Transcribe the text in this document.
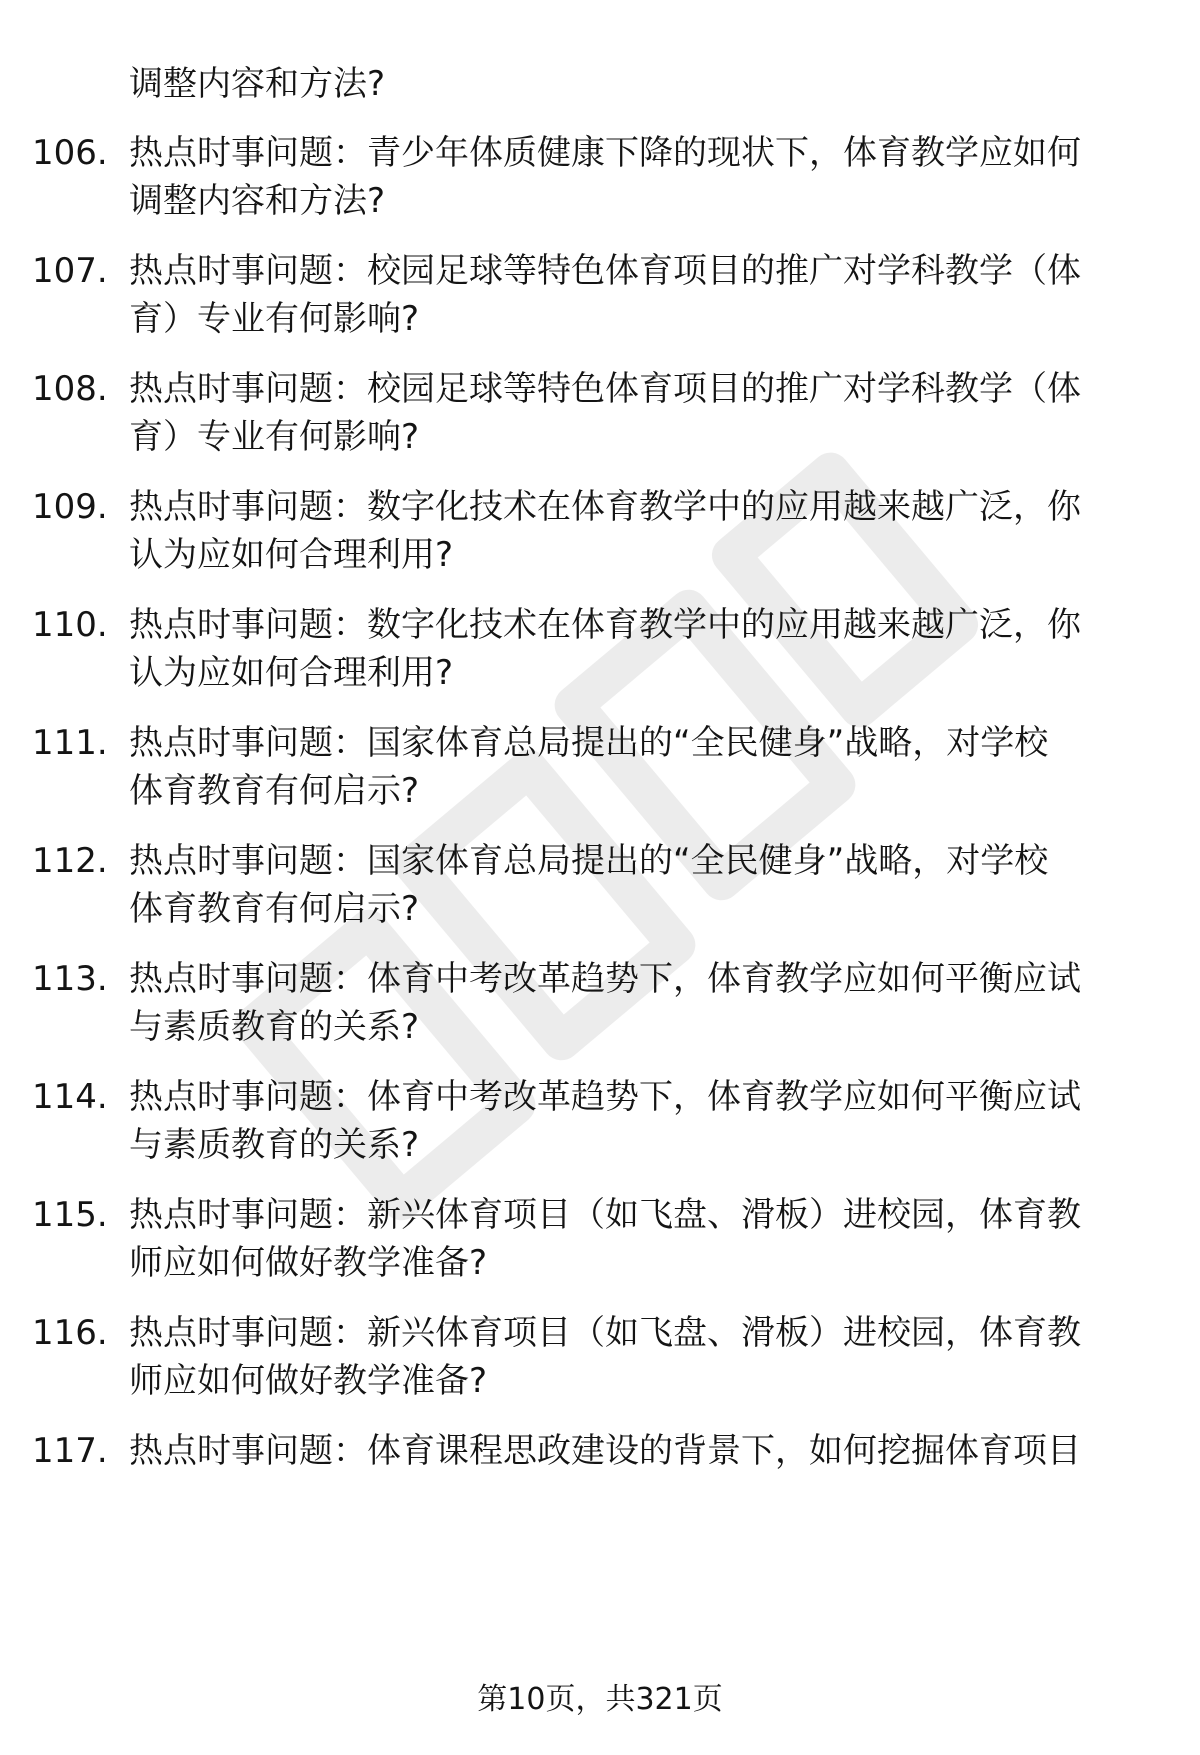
调整内容和方法?
106. 热点时事问题：青少年体质健康下降的现状下，体育教学应如何
调整内容和方法?
107. 热点时事问题：校园足球等特色体育项目的推广对学科教学（体
育）专业有何影响?
108. 热点时事问题：校园足球等特色体育项目的推广对学科教学（体
育）专业有何影响?
109. 热点时事问题：数字化技术在体育教学中的应用越来越广泛，你
认为应如何合理利用?
110. 热点时事问题：数字化技术在体育教学中的应用越来越广泛，你
认为应如何合理利用?
111. 热点时事问题：国家体育总局提出的“全民健身”战略，对学校
体育教育有何启示?
112. 热点时事问题：国家体育总局提出的“全民健身”战略，对学校
体育教育有何启示?
113. 热点时事问题：体育中考改革趋势下，体育教学应如何平衡应试
与素质教育的关系?
114. 热点时事问题：体育中考改革趋势下，体育教学应如何平衡应试
与素质教育的关系?
115. 热点时事问题：新兴体育项目（如飞盘、滑板）进校园，体育教
师应如何做好教学准备?
116. 热点时事问题：新兴体育项目（如飞盘、滑板）进校园，体育教
师应如何做好教学准备?
117. 热点时事问题：体育课程思政建设的背景下，如何挖掘体育项目
第10页，共321页
